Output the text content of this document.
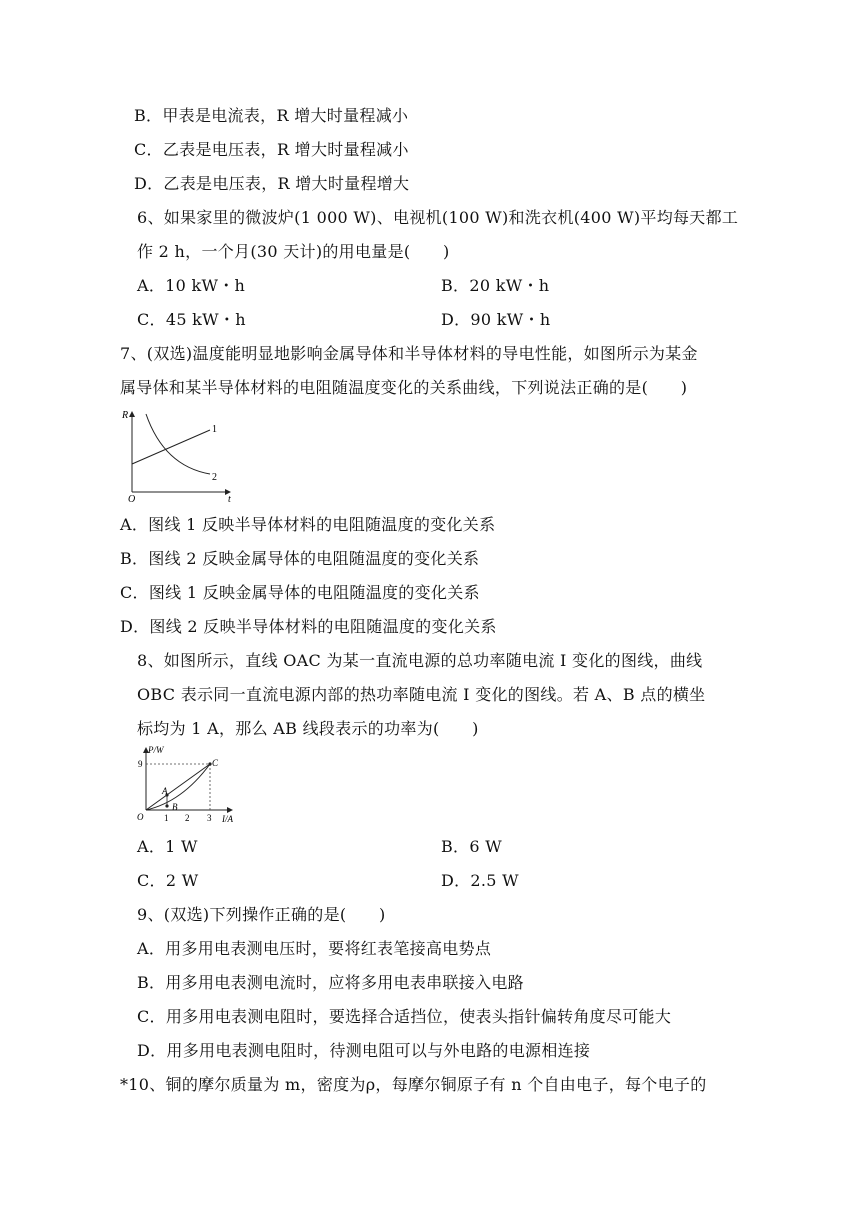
B．甲表是电流表，R 增大时量程减小
C．乙表是电压表，R 增大时量程减小
D．乙表是电压表，R 增大时量程增大
6、如果家里的微波炉(1 000 W)、电视机(100 W)和洗衣机(400 W)平均每天都工
作 2 h，一个月(30 天计)的用电量是(　　)
A．10 kW・h	B．20 kW・h
C．45 kW・h	D．90 kW・h
7、(双选)温度能明显地影响金属导体和半导体材料的导电性能，如图所示为某金
属导体和某半导体材料的电阻随温度变化的关系曲线，下列说法正确的是(　　)
R
O	t
1
2
A．图线 1 反映半导体材料的电阻随温度的变化关系
B．图线 2 反映金属导体的电阻随温度的变化关系
C．图线 1 反映金属导体的电阻随温度的变化关系
D．图线 2 反映半导体材料的电阻随温度的变化关系
8、如图所示，直线 OAC 为某一直流电源的总功率随电流 I 变化的图线，曲线
OBC 表示同一直流电源内部的热功率随电流 I 变化的图线。若 A、B 点的横坐
标均为 1 A，那么 AB 线段表示的功率为(　　)
P/W
9
O 1 2 3 I/A
A
B
C
A．1 W	B．6 W
C．2 W	D．2.5 W
9、(双选)下列操作正确的是(　　)
A．用多用电表测电压时，要将红表笔接高电势点
B．用多用电表测电流时，应将多用电表串联接入电路
C．用多用电表测电阻时，要选择合适挡位，使表头指针偏转角度尽可能大
D．用多用电表测电阻时，待测电阻可以与外电路的电源相连接
*10、铜的摩尔质量为 m，密度为ρ，每摩尔铜原子有 n 个自由电子，每个电子的
